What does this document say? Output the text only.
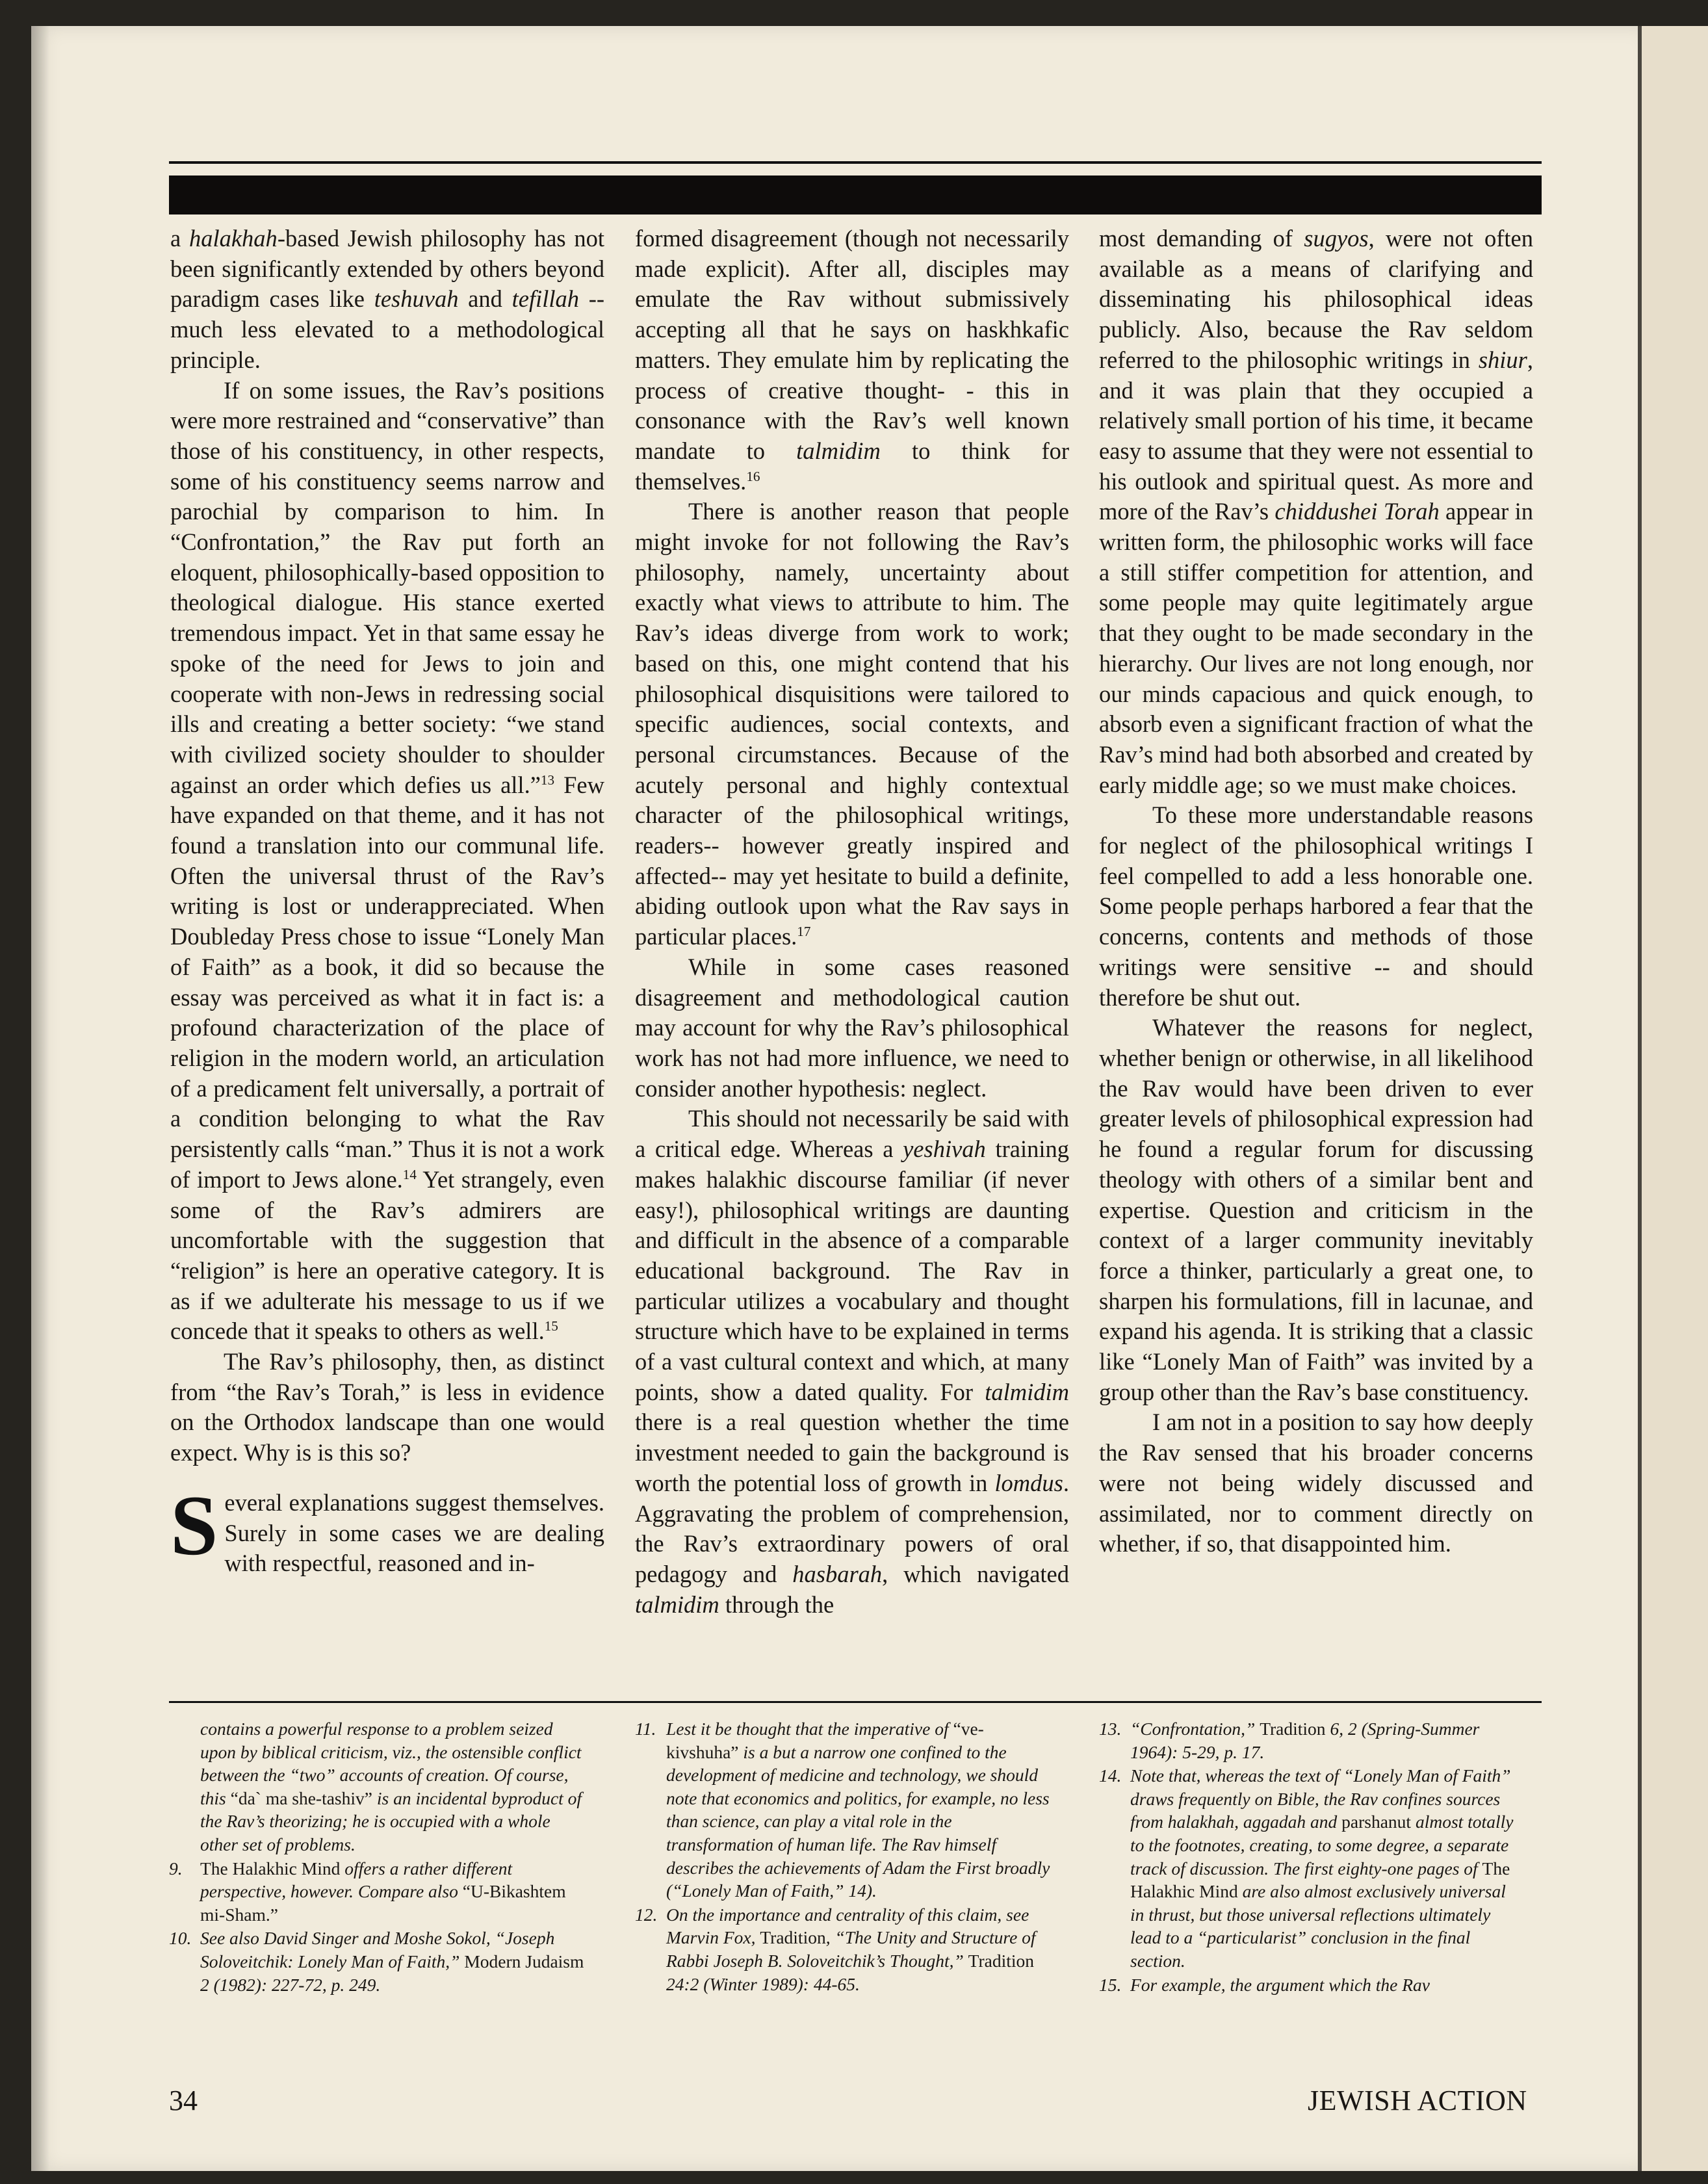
a halakhah-based Jewish philosophy has not been significantly extended by others beyond paradigm cases like teshuvah and tefillah -- much less elevated to a methodological principle.

If on some issues, the Rav’s positions were more restrained and “conservative” than those of his constituency, in other respects, some of his constituency seems narrow and parochial by comparison to him. In “Confrontation,” the Rav put forth an eloquent, philosophically-based opposition to theological dialogue. His stance exerted tremendous impact. Yet in that same essay he spoke of the need for Jews to join and cooperate with non-Jews in redressing social ills and creating a better society: “we stand with civilized society shoulder to shoulder against an order which defies us all.”$^{13}$ Few have expanded on that theme, and it has not found a translation into our communal life. Often the universal thrust of the Rav’s writing is lost or underappreciated. When Doubleday Press chose to issue “Lonely Man of Faith” as a book, it did so because the essay was perceived as what it in fact is: a profound characterization of the place of religion in the modern world, an articulation of a predicament felt universally, a portrait of a condition belonging to what the Rav persistently calls “man.” Thus it is not a work of import to Jews alone.$^{14}$ Yet strangely, even some of the Rav’s admirers are uncomfortable with the suggestion that “religion” is here an operative category. It is as if we adulterate his message to us if we concede that it speaks to others as well.$^{15}$

The Rav’s philosophy, then, as distinct from “the Rav’s Torah,” is less in evidence on the Orthodox landscape than one would expect. Why is is this so?

Several explanations suggest themselves. Surely in some cases we are dealing with respectful, reasoned and in-

formed disagreement (though not necessarily made explicit). After all, disciples may emulate the Rav without submissively accepting all that he says on haskhkafic matters. They emulate him by replicating the process of creative thought- - this in consonance with the Rav’s well known mandate to talmidim to think for themselves.$^{16}$

There is another reason that people might invoke for not following the Rav’s philosophy, namely, uncertainty about exactly what views to attribute to him. The Rav’s ideas diverge from work to work; based on this, one might contend that his philosophical disquisitions were tailored to specific audiences, social contexts, and personal circumstances. Because of the acutely personal and highly contextual character of the philosophical writings, readers-- however greatly inspired and affected-- may yet hesitate to build a definite, abiding outlook upon what the Rav says in particular places.$^{17}$

While in some cases reasoned disagreement and methodological caution may account for why the Rav’s philosophical work has not had more influence, we need to consider another hypothesis: neglect.

This should not necessarily be said with a critical edge. Whereas a yeshivah training makes halakhic discourse familiar (if never easy!), philosophical writings are daunting and difficult in the absence of a comparable educational background. The Rav in particular utilizes a vocabulary and thought structure which have to be explained in terms of a vast cultural context and which, at many points, show a dated quality. For talmidim there is a real question whether the time investment needed to gain the background is worth the potential loss of growth in lomdus. Aggravating the problem of comprehension, the Rav’s extraordinary powers of oral pedagogy and hasbarah, which navigated talmidim through the

most demanding of sugyos, were not often available as a means of clarifying and disseminating his philosophical ideas publicly. Also, because the Rav seldom referred to the philosophic writings in shiur, and it was plain that they occupied a relatively small portion of his time, it became easy to assume that they were not essential to his outlook and spiritual quest. As more and more of the Rav’s chiddushei Torah appear in written form, the philosophic works will face a still stiffer competition for attention, and some people may quite legitimately argue that they ought to be made secondary in the hierarchy. Our lives are not long enough, nor our minds capacious and quick enough, to absorb even a significant fraction of what the Rav’s mind had both absorbed and created by early middle age; so we must make choices.

To these more understandable reasons for neglect of the philosophical writings I feel compelled to add a less honorable one. Some people perhaps harbored a fear that the concerns, contents and methods of those writings were sensitive -- and should therefore be shut out.

Whatever the reasons for neglect, whether benign or otherwise, in all likelihood the Rav would have been driven to ever greater levels of philosophical expression had he found a regular forum for discussing theology with others of a similar bent and expertise. Question and criticism in the context of a larger community inevitably force a thinker, particularly a great one, to sharpen his formulations, fill in lacunae, and expand his agenda. It is striking that a classic like “Lonely Man of Faith” was invited by a group other than the Rav’s base constituency.

I am not in a position to say how deeply the Rav sensed that his broader concerns were not being widely discussed and assimilated, nor to comment directly on whether, if so, that disappointed him.

contains a powerful response to a problem seized upon by biblical criticism, viz., the ostensible conflict between the “two” accounts of creation. Of course, this “da` ma she-tashiv” is an incidental byproduct of the Rav’s theorizing; he is occupied with a whole other set of problems.
9. The Halakhic Mind offers a rather different perspective, however. Compare also “U-Bikashtem mi-Sham.”
10. See also David Singer and Moshe Sokol, “Joseph Soloveitchik: Lonely Man of Faith,” Modern Judaism 2 (1982): 227-72, p. 249.
11. Lest it be thought that the imperative of “ve-kivshuha” is a but a narrow one confined to the development of medicine and technology, we should note that economics and politics, for example, no less than science, can play a vital role in the transformation of human life. The Rav himself describes the achievements of Adam the First broadly (“Lonely Man of Faith,” 14).
12. On the importance and centrality of this claim, see Marvin Fox, Tradition, “The Unity and Structure of Rabbi Joseph B. Soloveitchik’s Thought,” Tradition 24:2 (Winter 1989): 44-65.
13. “Confrontation,” Tradition 6, 2 (Spring-Summer 1964): 5-29, p. 17.
14. Note that, whereas the text of “Lonely Man of Faith” draws frequently on Bible, the Rav confines sources from halakhah, aggadah and parshanut almost totally to the footnotes, creating, to some degree, a separate track of discussion. The first eighty-one pages of The Halakhic Mind are also almost exclusively universal in thrust, but those universal reflections ultimately lead to a “particularist” conclusion in the final section.
15. For example, the argument which the Rav
34	JEWISH ACTION
